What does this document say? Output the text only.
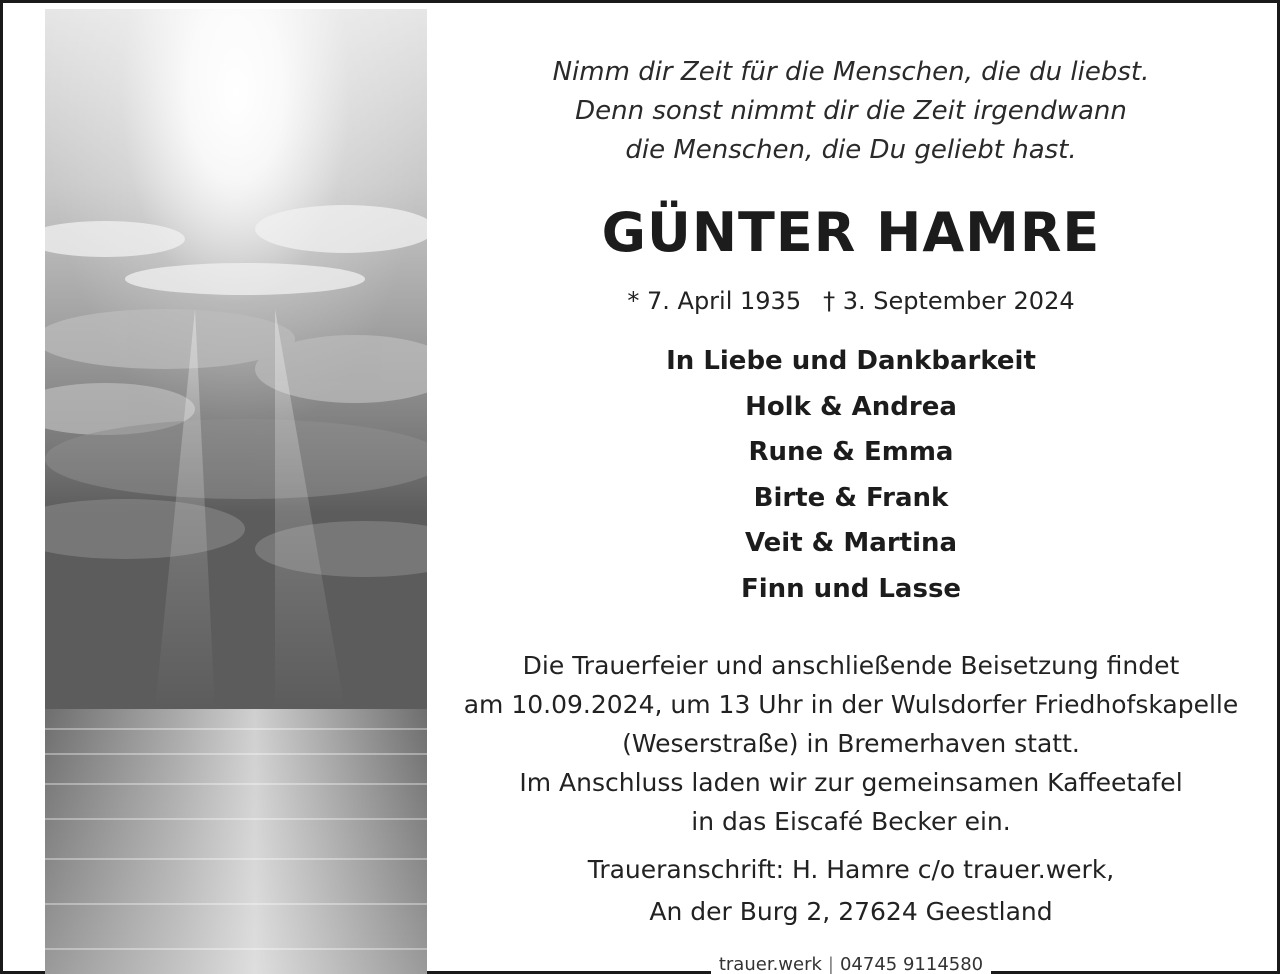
Nimm dir Zeit für die Menschen, die du liebst.
Denn sonst nimmt dir die Zeit irgendwann
die Menschen, die Du geliebt hast.
GÜNTER HAMRE
* 7. April 1935 † 3. September 2024
In Liebe und Dankbarkeit
Holk & Andrea
Rune & Emma
Birte & Frank
Veit & Martina
Finn und Lasse
Die Trauerfeier und anschließende Beisetzung findet
am 10.09.2024, um 13 Uhr in der Wulsdorfer Friedhofskapelle
(Weserstraße) in Bremerhaven statt.
Im Anschluss laden wir zur gemeinsamen Kaffeetafel
in das Eiscafé Becker ein.
Traueranschrift: H. Hamre c/o trauer.werk,
An der Burg 2, 27624 Geestland
trauer.werk | 04745 9114580
